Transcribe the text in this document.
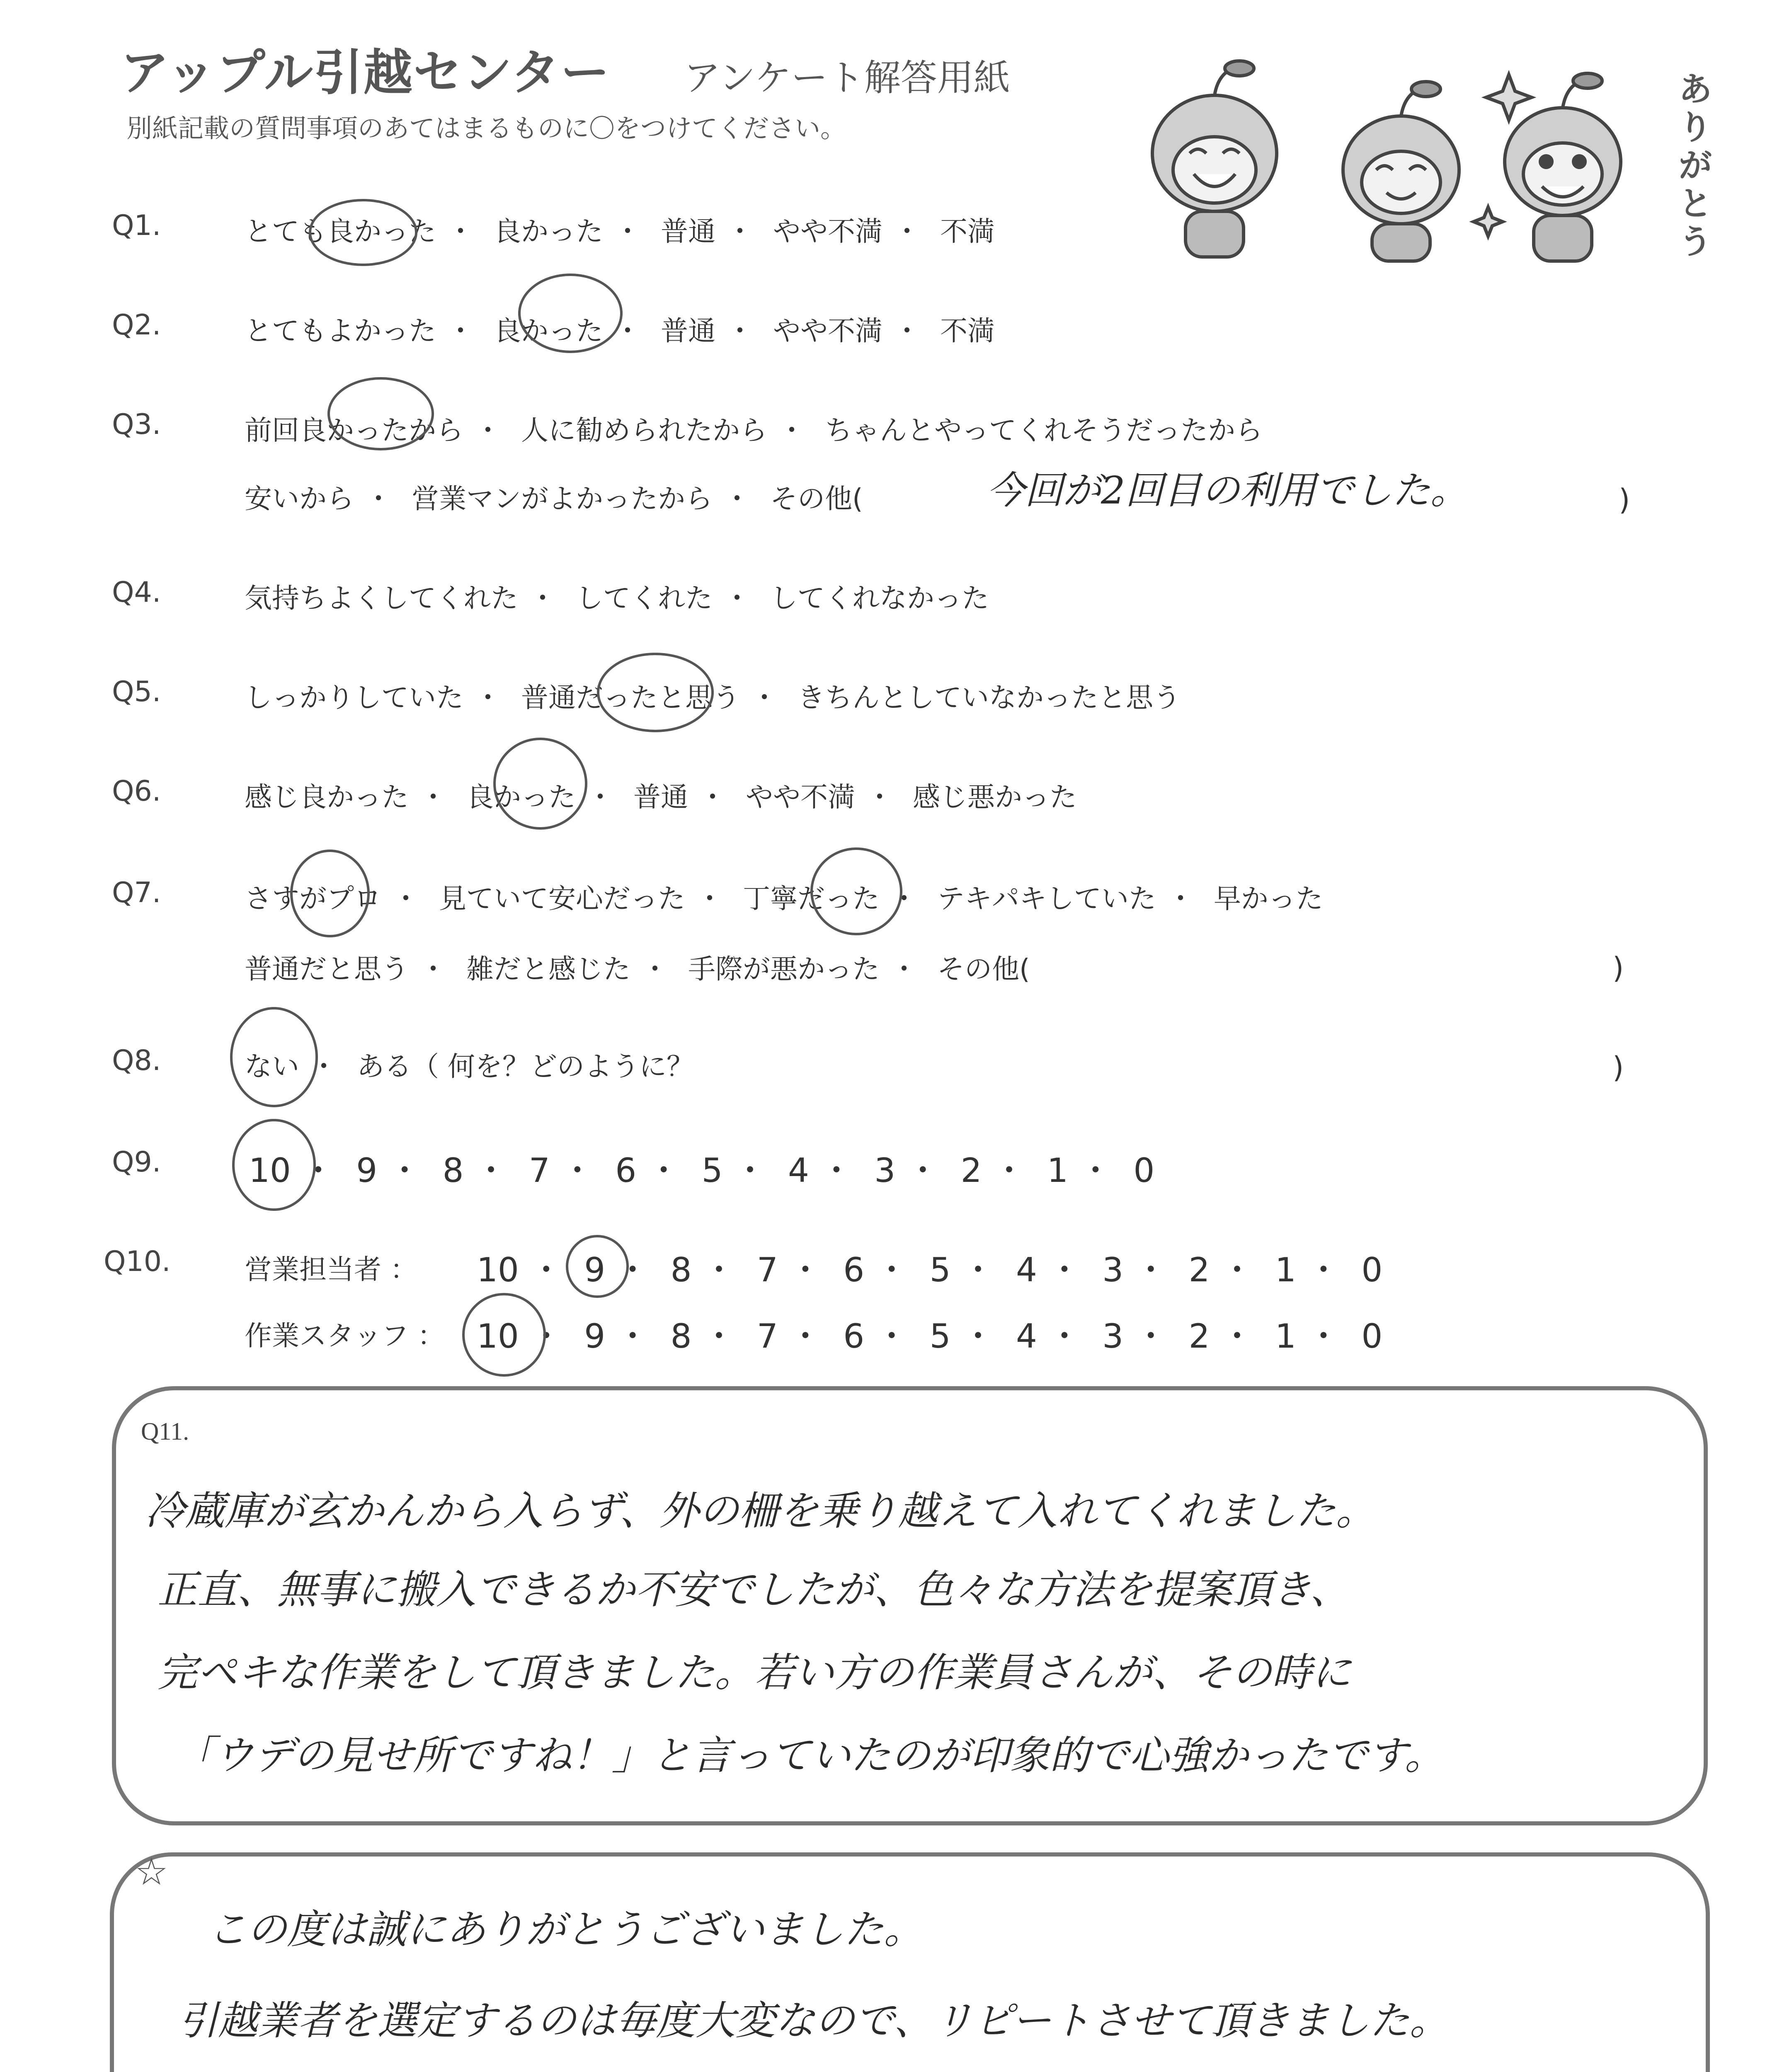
アップル引越センター アンケート解答用紙
別紙記載の質問事項のあてはまるものに〇をつけてください。
ありがとう
Q1.	とても良かった ・ 良かった ・ 普通 ・ やや不満 ・ 不満
Q2.	とてもよかった ・ 良かった ・ 普通 ・ やや不満 ・ 不満
Q3.	前回良かったから ・ 人に勧められたから ・ ちゃんとやってくれそうだったから
安いから ・ 営業マンがよかったから ・ その他(	今回が2回目の利用でした。	)
Q4.	気持ちよくしてくれた ・ してくれた ・ してくれなかった
Q5.	しっかりしていた ・ 普通だったと思う ・ きちんとしていなかったと思う
Q6.	感じ良かった ・ 良かった ・ 普通 ・ やや不満 ・ 感じ悪かった
Q7.	さすがプロ ・ 見ていて安心だった ・ 丁寧だった ・ テキパキしていた ・ 早かった
普通だと思う ・ 雑だと感じた ・ 手際が悪かった ・ その他(	)
Q8.	ない ・ ある（ 何を？どのように？	)
Q9.	10 ・ 9 ・ 8 ・ 7 ・ 6 ・ 5 ・ 4 ・ 3 ・ 2 ・ 1 ・ 0
Q10.	営業担当者 ： 10 ・ 9 ・ 8 ・ 7 ・ 6 ・ 5 ・ 4 ・ 3 ・ 2 ・ 1 ・ 0
作業スタッフ ： 10 ・ 9 ・ 8 ・ 7 ・ 6 ・ 5 ・ 4 ・ 3 ・ 2 ・ 1 ・ 0
Q11.
冷蔵庫が玄かんから入らず、外の柵を乗り越えて入れてくれました。
正直、無事に搬入できるか不安でしたが、色々な方法を提案頂き、
完ペキな作業をして頂きました。若い方の作業員さんが、その時に
「ウデの見せ所ですね！」と言っていたのが印象的で心強かったです。
☆
この度は誠にありがとうございました。
引越業者を選定するのは毎度大変なので、リピートさせて頂きました。
